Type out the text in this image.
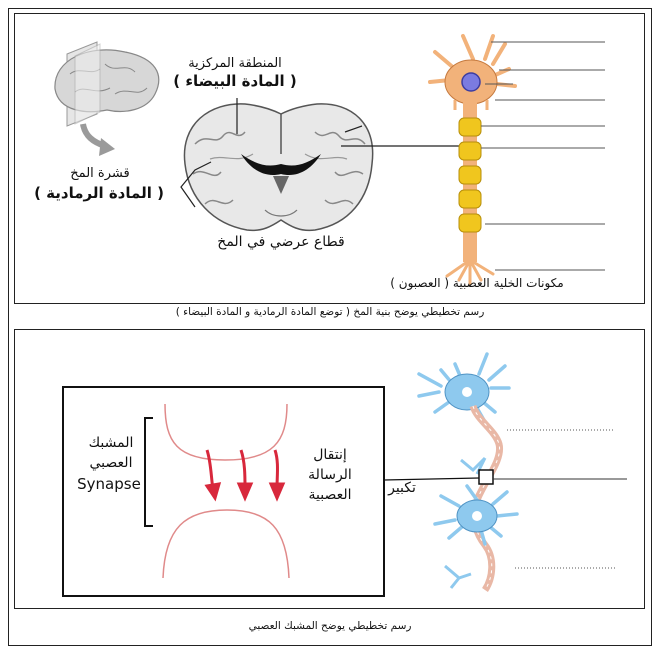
المنطقة المركزية
( المادة البيضاء )
قشرة المخ
( المادة الرمادية )
قطاع عرضي في المخ
مكونات الخلية العصبية ( العصبون )
رسم تخطيطي يوضح بنية المخ ( توضع المادة الرمادية و المادة البيضاء )
المشبك
العصبي
Synapse
إنتقال
الرسالة
العصبية	تكبير
رسم تخطيطي يوضح المشبك العصبي
